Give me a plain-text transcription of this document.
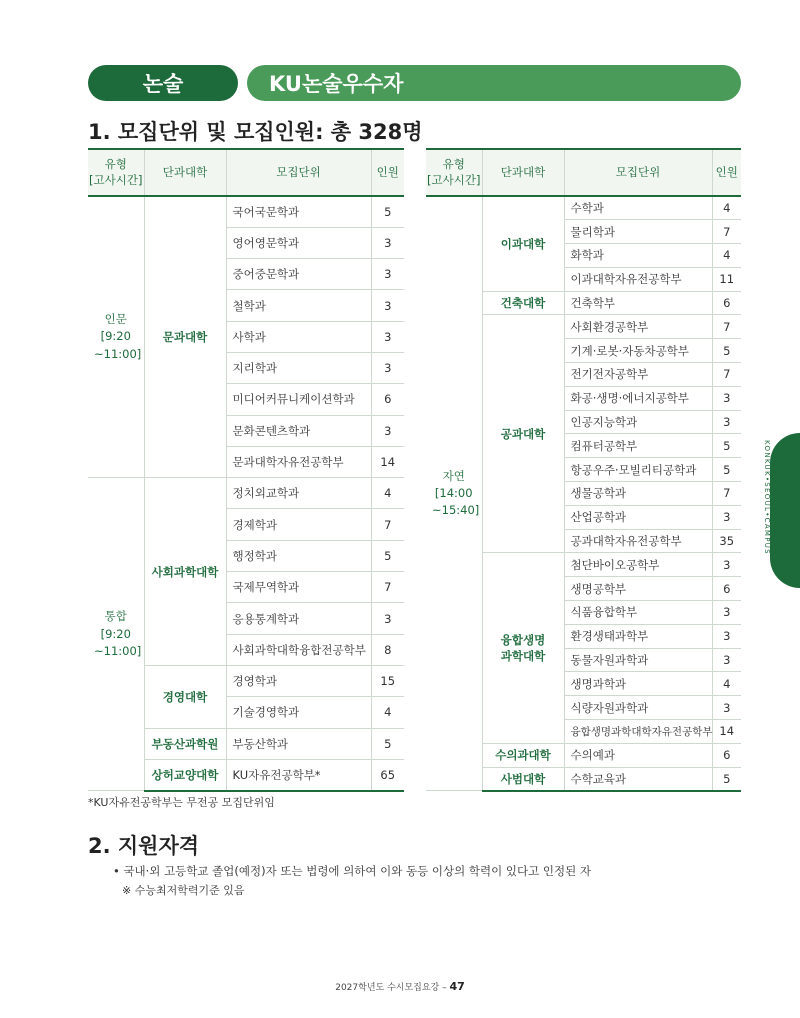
논술	KU논술우수자
1. 모집단위 및 모집인원: 총 328명
유형
[고사시간]	단과대학	모집단위	인원
인문
[9:20
~11:00]	문과대학	국어국문학과	5
		영어영문학과	3
		중어중문학과	3
		철학과	3
		사학과	3
		지리학과	3
		미디어커뮤니케이션학과	6
		문화콘텐츠학과	3
		문과대학자유전공학부	14
통합
[9:20
~11:00]	사회과학대학	정치외교학과	4
		경제학과	7
		행정학과	5
		국제무역학과	7
		응용통계학과	3
		사회과학대학융합전공학부	8
	경영대학	경영학과	15
		기술경영학과	4
	부동산과학원	부동산학과	5
	상허교양대학	KU자유전공학부*	65
유형
[고사시간]	단과대학	모집단위	인원
자연
[14:00
~15:40]	이과대학	수학과	4
		물리학과	7
		화학과	4
		이과대학자유전공학부	11
	건축대학	건축학부	6
	공과대학	사회환경공학부	7
		기계·로봇·자동차공학부	5
		전기전자공학부	7
		화공·생명·에너지공학부	3
		인공지능학과	3
		컴퓨터공학부	5
		항공우주·모빌리티공학과	5
		생물공학과	7
		산업공학과	3
		공과대학자유전공학부	35
	융합생명
과학대학	첨단바이오공학부	3
		생명공학부	6
		식품융합학부	3
		환경생태과학부	3
		동물자원과학과	3
		생명과학과	4
		식량자원과학과	3
		융합생명과학대학자유전공학부	14
	수의과대학	수의예과	6
	사범대학	수학교육과	5
*KU자유전공학부는 무전공 모집단위임
2. 지원자격
• 국내·외 고등학교 졸업(예정)자 또는 법령에 의하여 이와 동등 이상의 학력이 있다고 인정된 자
※ 수능최저학력기준 있음
KONKUK•SEOUL•CAMPUS
2027학년도 수시모집요강 – 47
